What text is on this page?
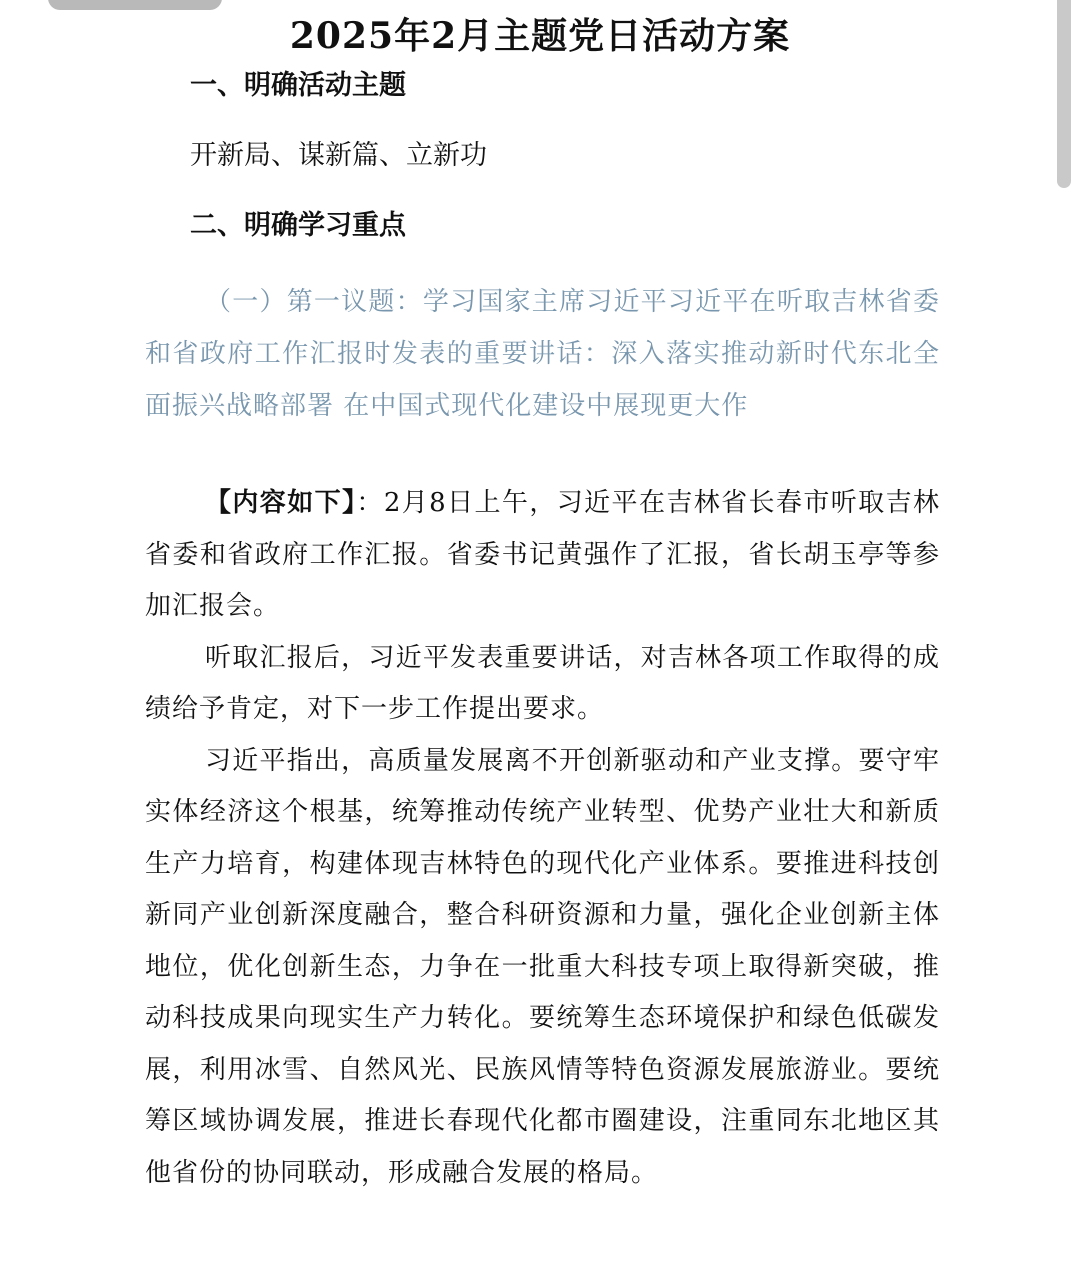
2025年2月主题党日活动方案
一、明确活动主题
开新局、谋新篇、立新功
二、明确学习重点

（一）第一议题：学习国家主席习近平习近平在听取吉林省委和省政府工作汇报时发表的重要讲话：深入落实推动新时代东北全面振兴战略部署 在中国式现代化建设中展现更大作

【内容如下】：2月8日上午，习近平在吉林省长春市听取吉林省委和省政府工作汇报。省委书记黄强作了汇报，省长胡玉亭等参加汇报会。

听取汇报后，习近平发表重要讲话，对吉林各项工作取得的成绩给予肯定，对下一步工作提出要求。

习近平指出，高质量发展离不开创新驱动和产业支撑。要守牢实体经济这个根基，统筹推动传统产业转型、优势产业壮大和新质生产力培育，构建体现吉林特色的现代化产业体系。要推进科技创新同产业创新深度融合，整合科研资源和力量，强化企业创新主体地位，优化创新生态，力争在一批重大科技专项上取得新突破，推动科技成果向现实生产力转化。要统筹生态环境保护和绿色低碳发展，利用冰雪、自然风光、民族风情等特色资源发展旅游业。要统筹区域协调发展，推进长春现代化都市圈建设，注重同东北地区其他省份的协同联动，形成融合发展的格局。
